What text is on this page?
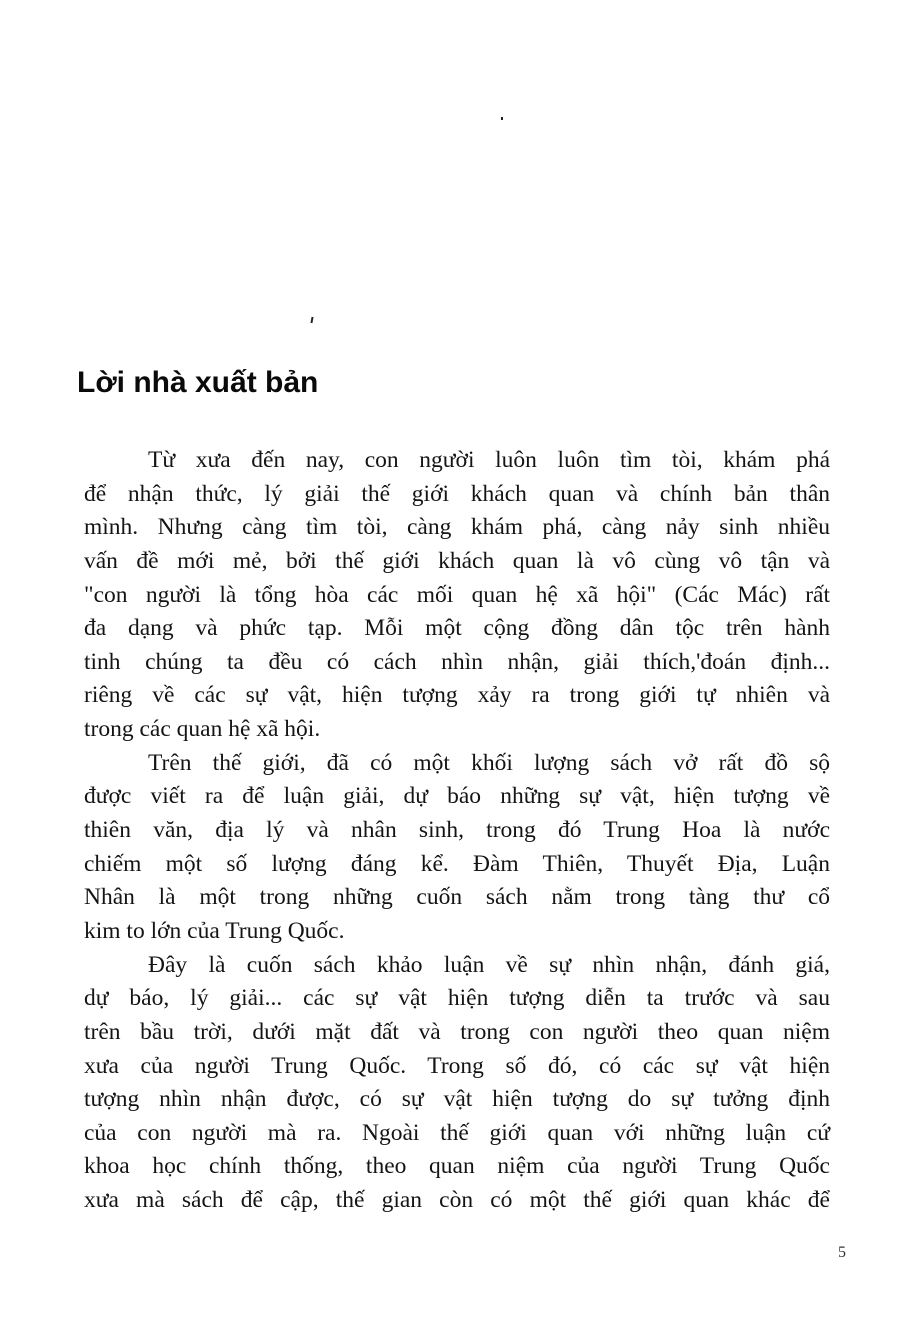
Lời nhà xuất bản
Từ xưa đến nay, con người luôn luôn tìm tòi, khám phá
để nhận thức, lý giải thế giới khách quan và chính bản thân
mình. Nhưng càng tìm tòi, càng khám phá, càng nảy sinh nhiều
vấn đề mới mẻ, bởi thế giới khách quan là vô cùng vô tận và
"con người là tổng hòa các mối quan hệ xã hội" (Các Mác) rất
đa dạng và phức tạp. Mỗi một cộng đồng dân tộc trên hành
tinh chúng ta đều có cách nhìn nhận, giải thích,'đoán định...
riêng về các sự vật, hiện tượng xảy ra trong giới tự nhiên và
trong các quan hệ xã hội.
Trên thế giới, đã có một khối lượng sách vở rất đồ sộ
được viết ra để luận giải, dự báo những sự vật, hiện tượng về
thiên văn, địa lý và nhân sinh, trong đó Trung Hoa là nước
chiếm một số lượng đáng kể. Đàm Thiên, Thuyết Địa, Luận
Nhân là một trong những cuốn sách nằm trong tàng thư cổ
kim to lớn của Trung Quốc.
Đây là cuốn sách khảo luận về sự nhìn nhận, đánh giá,
dự báo, lý giải... các sự vật hiện tượng diễn ta trước và sau
trên bầu trời, dưới mặt đất và trong con người theo quan niệm
xưa của người Trung Quốc. Trong số đó, có các sự vật hiện
tượng nhìn nhận được, có sự vật hiện tượng do sự tưởng định
của con người mà ra. Ngoài thế giới quan với những luận cứ
khoa học chính thống, theo quan niệm của người Trung Quốc
xưa mà sách để cập, thế gian còn có một thế giới quan khác để
5
